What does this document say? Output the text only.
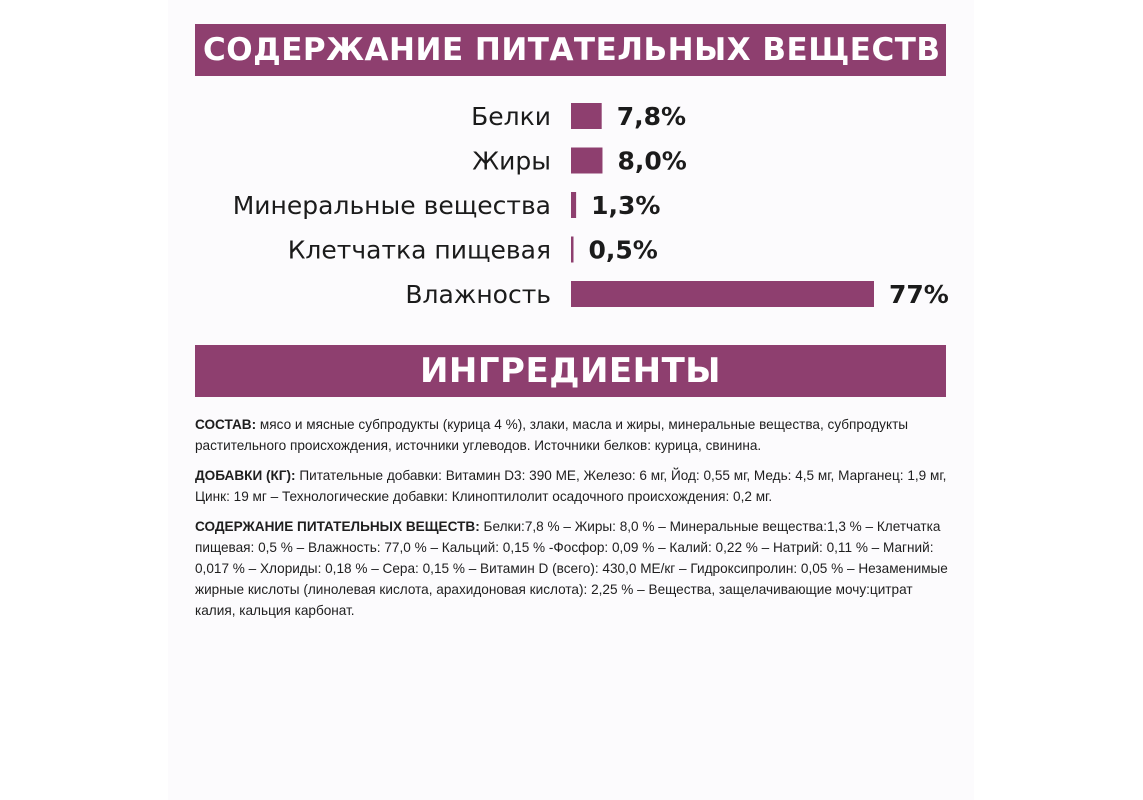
СОДЕРЖАНИЕ ПИТАТЕЛЬНЫХ ВЕЩЕСТВ
Белки	7,8%
Жиры	8,0%
Минеральные вещества 1,3%
Клетчатка пищевая 0,5%
Влажность	77%
ИНГРЕДИЕНТЫ

СОСТАВ: мясо и мясные субпродукты (курица 4 %), злаки, масла и жиры, минеральные вещества, субпродукты растительного происхождения, источники углеводов. Источники белков: курица, свинина.

ДОБАВКИ (КГ): Питательные добавки: Витамин D3: 390 МЕ, Железо: 6 мг, Йод: 0,55 мг, Медь: 4,5 мг, Марганец: 1,9 мг, Цинк: 19 мг – Технологические добавки: Клиноптилолит осадочного происхождения: 0,2 мг.

СОДЕРЖАНИЕ ПИТАТЕЛЬНЫХ ВЕЩЕСТВ: Белки:7,8 % – Жиры: 8,0 % – Минеральные вещества:1,3 % – Клетчатка пищевая: 0,5 % – Влажность: 77,0 % – Кальций: 0,15 % -Фосфор: 0,09 % – Калий: 0,22 % – Натрий: 0,11 % – Магний: 0,017 % – Хлориды: 0,18 % – Сера: 0,15 % – Витамин D (всего): 430,0 МЕ/кг – Гидроксипролин: 0,05 % – Незаменимые жирные кислоты (линолевая кислота, арахидоновая кислота): 2,25 % – Вещества, защелачивающие мочу:цитрат калия, кальция карбонат.
